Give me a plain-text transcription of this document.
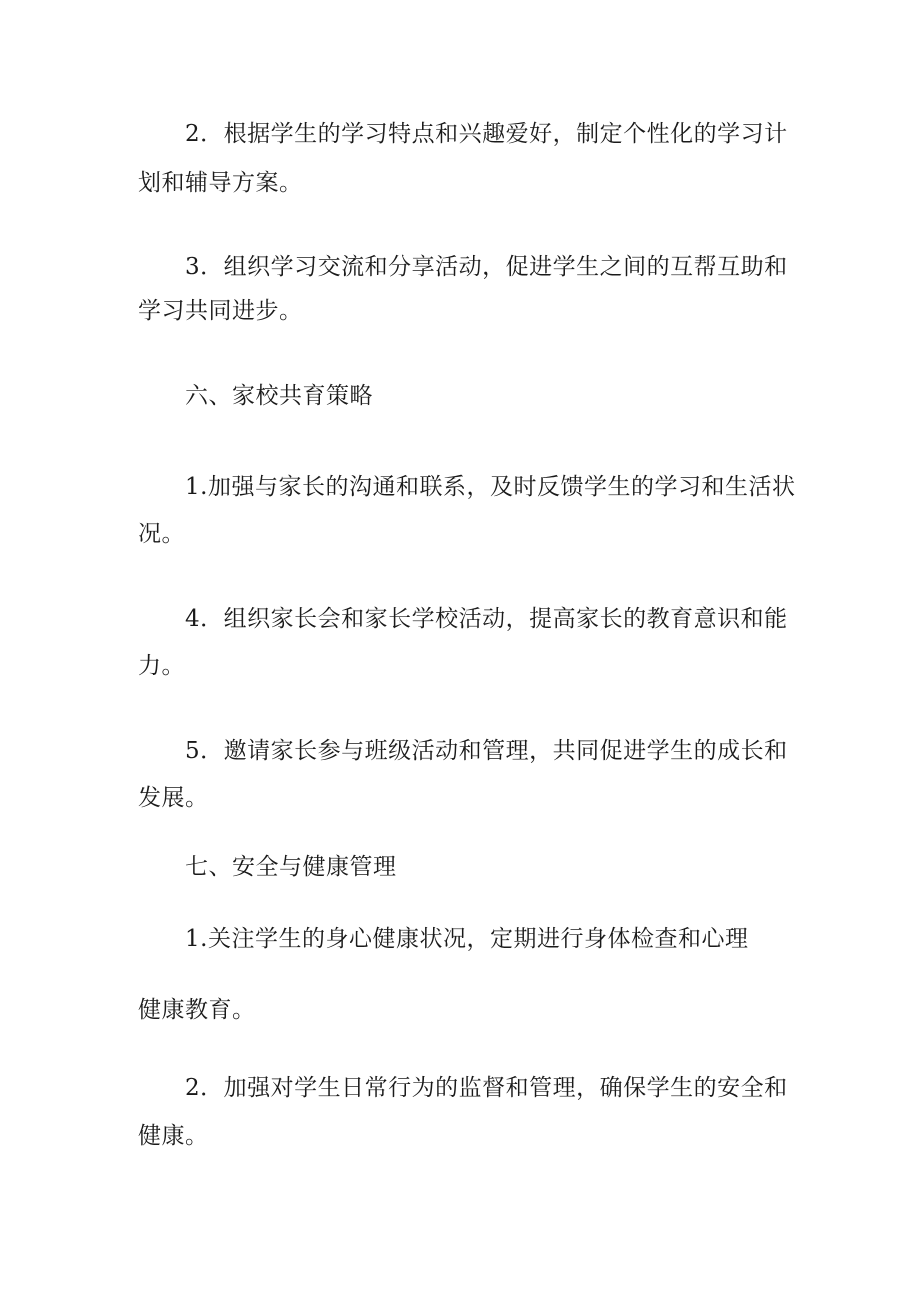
2．根据学生的学习特点和兴趣爱好，制定个性化的学习计
划和辅导方案。
3．组织学习交流和分享活动，促进学生之间的互帮互助和
学习共同进步。
六、家校共育策略
1.加强与家长的沟通和联系，及时反馈学生的学习和生活状
况。
4．组织家长会和家长学校活动，提高家长的教育意识和能
力。
5．邀请家长参与班级活动和管理，共同促进学生的成长和
发展。
七、安全与健康管理
1.关注学生的身心健康状况，定期进行身体检查和心理
健康教育。
2．加强对学生日常行为的监督和管理，确保学生的安全和
健康。
